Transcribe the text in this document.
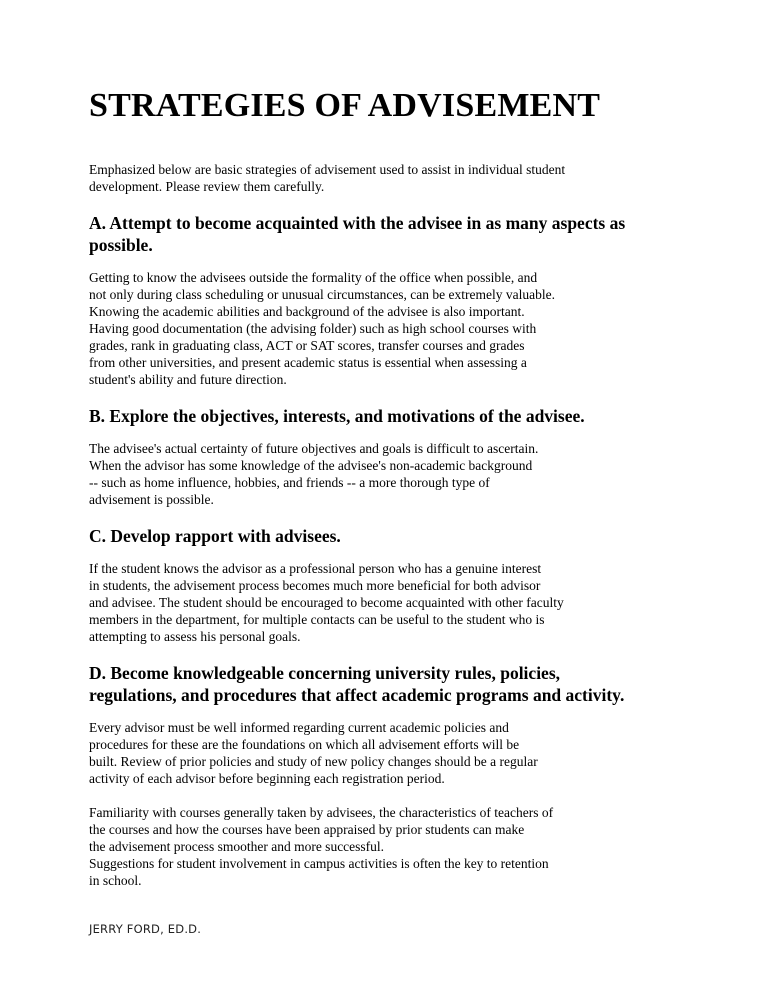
STRATEGIES OF ADVISEMENT

Emphasized below are basic strategies of advisement used to assist in individual student
development. Please review them carefully.

A. Attempt to become acquainted with the advisee in as many aspects as
possible.

Getting to know the advisees outside the formality of the office when possible, and
not only during class scheduling or unusual circumstances, can be extremely valuable.
Knowing the academic abilities and background of the advisee is also important.
Having good documentation (the advising folder) such as high school courses with
grades, rank in graduating class, ACT or SAT scores, transfer courses and grades
from other universities, and present academic status is essential when assessing a
student's ability and future direction.

B. Explore the objectives, interests, and motivations of the advisee.

The advisee's actual certainty of future objectives and goals is difficult to ascertain.
When the advisor has some knowledge of the advisee's non-academic background
-- such as home influence, hobbies, and friends -- a more thorough type of
advisement is possible.

C. Develop rapport with advisees.

If the student knows the advisor as a professional person who has a genuine interest
in students, the advisement process becomes much more beneficial for both advisor
and advisee. The student should be encouraged to become acquainted with other faculty
members in the department, for multiple contacts can be useful to the student who is
attempting to assess his personal goals.

D. Become knowledgeable concerning university rules, policies,
regulations, and procedures that affect academic programs and activity.

Every advisor must be well informed regarding current academic policies and
procedures for these are the foundations on which all advisement efforts will be
built. Review of prior policies and study of new policy changes should be a regular
activity of each advisor before beginning each registration period.

Familiarity with courses generally taken by advisees, the characteristics of teachers of
the courses and how the courses have been appraised by prior students can make
the advisement process smoother and more successful.
Suggestions for student involvement in campus activities is often the key to retention
in school.

JERRY FORD, ED.D.
